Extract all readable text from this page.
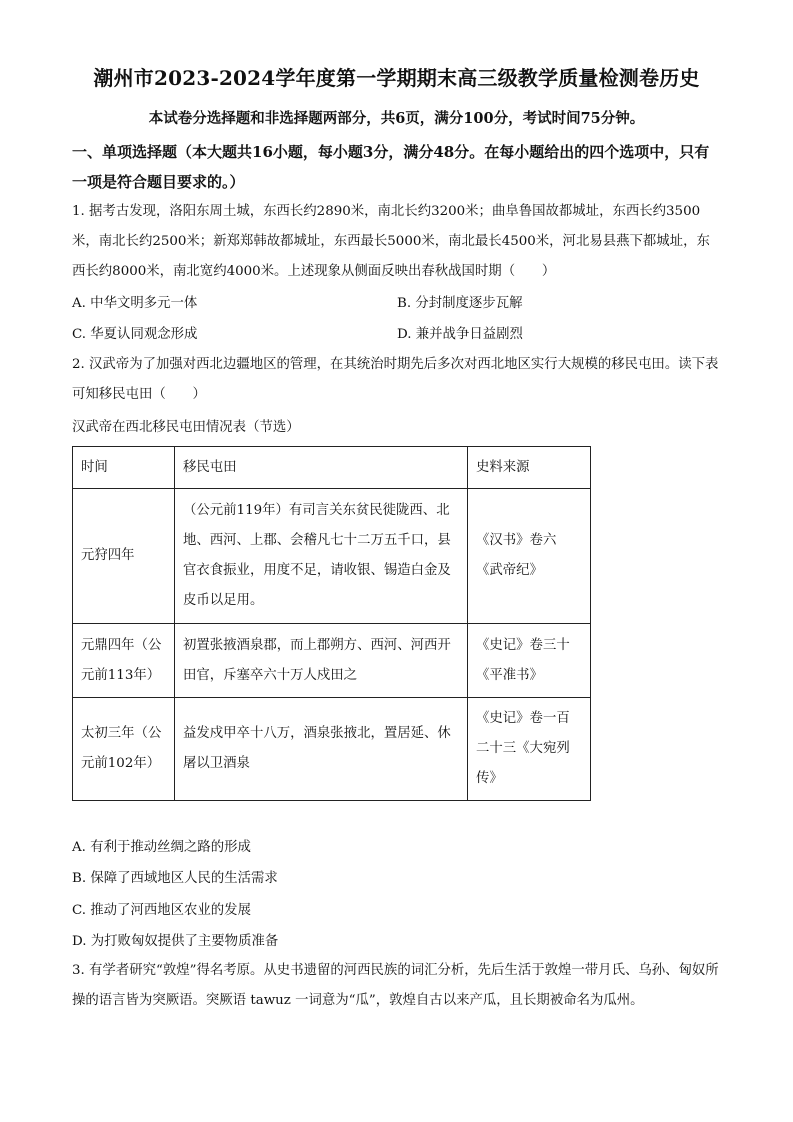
潮州市2023-2024学年度第一学期期末高三级教学质量检测卷历史
本试卷分选择题和非选择题两部分，共6页，满分100分，考试时间75分钟。
一、单项选择题（本大题共16小题，每小题3分，满分48分。在每小题给出的四个选项中，只有一项是符合题目要求的。）
1. 据考古发现，洛阳东周土城，东西长约2890米，南北长约3200米；曲阜鲁国故都城址，东西长约3500米，南北长约2500米；新郑郑韩故都城址，东西最长5000米，南北最长4500米，河北易县燕下都城址，东西长约8000米，南北宽约4000米。上述现象从侧面反映出春秋战国时期（　　）
A. 中华文明多元一体	B. 分封制度逐步瓦解
C. 华夏认同观念形成	D. 兼并战争日益剧烈
2. 汉武帝为了加强对西北边疆地区的管理，在其统治时期先后多次对西北地区实行大规模的移民屯田。读下表可知移民屯田（　　）
汉武帝在西北移民屯田情况表（节选）
时间	移民屯田	史料来源
元狩四年	（公元前119年）有司言关东贫民徙陇西、北地、西河、上郡、会稽凡七十二万五千口，县官衣食振业，用度不足，请收银、锡造白金及皮币以足用。	《汉书》卷六《武帝纪》
元鼎四年（公元前113年）	初置张掖酒泉郡，而上郡朔方、西河、河西开田官，斥塞卒六十万人戍田之	《史记》卷三十《平准书》
太初三年（公元前102年）	益发戍甲卒十八万，酒泉张掖北，置居延、休屠以卫酒泉	《史记》卷一百二十三《大宛列传》
A. 有利于推动丝绸之路的形成
B. 保障了西域地区人民的生活需求
C. 推动了河西地区农业的发展
D. 为打败匈奴提供了主要物质准备
3. 有学者研究“敦煌”得名考原。从史书遗留的河西民族的词汇分析，先后生活于敦煌一带月氏、乌孙、匈奴所操的语言皆为突厥语。突厥语 tawuz 一词意为“瓜”，敦煌自古以来产瓜，且长期被命名为瓜州。
